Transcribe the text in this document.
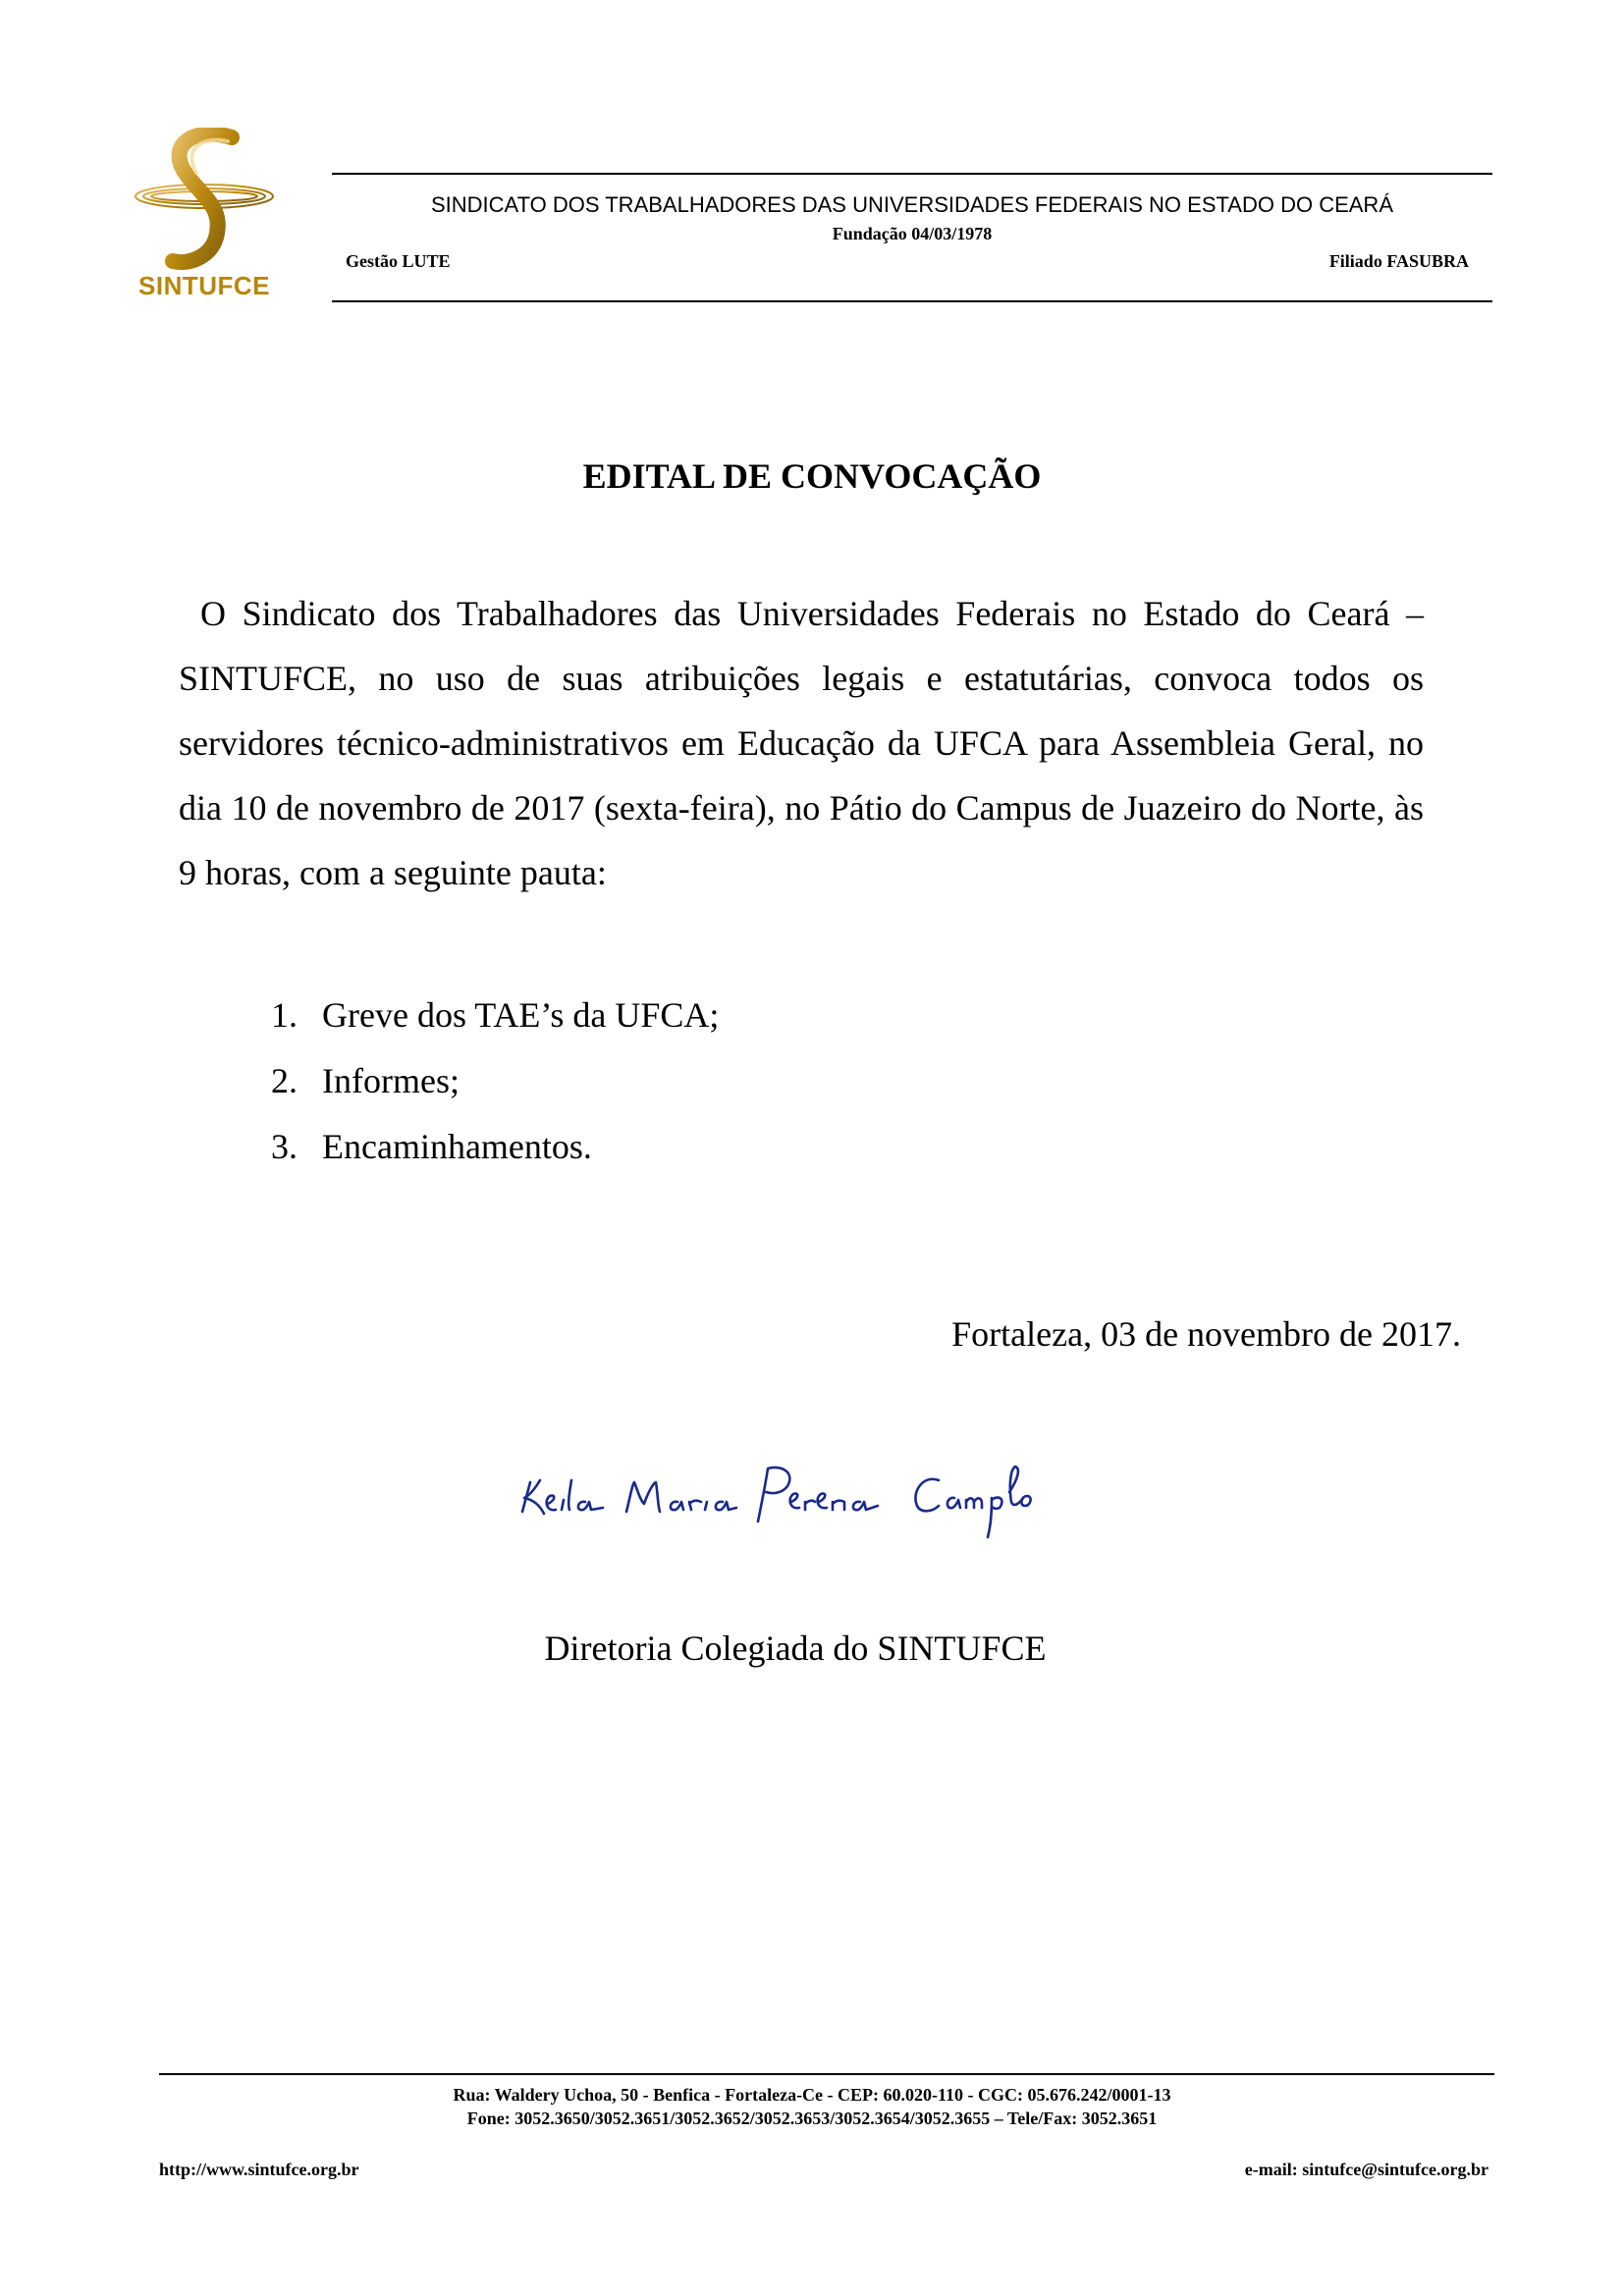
SINTUFCE
SINDICATO DOS TRABALHADORES DAS UNIVERSIDADES FEDERAIS NO ESTADO DO CEARÁ
Fundação 04/03/1978
Gestão LUTE	Filiado FASUBRA
EDITAL DE CONVOCAÇÃO

O Sindicato dos Trabalhadores das Universidades Federais no Estado do Ceará – SINTUFCE, no uso de suas atribuições legais e estatutárias, convoca todos os servidores técnico-administrativos em Educação da UFCA para Assembleia Geral, no dia 10 de novembro de 2017 (sexta-feira), no Pátio do Campus de Juazeiro do Norte, às 9 horas, com a seguinte pauta:

1. Greve dos TAE’s da UFCA;
2. Informes;
3. Encaminhamentos.
Fortaleza, 03 de novembro de 2017.
Diretoria Colegiada do SINTUFCE
Rua: Waldery Uchoa, 50 - Benfica - Fortaleza-Ce - CEP: 60.020-110 - CGC: 05.676.242/0001-13
Fone: 3052.3650/3052.3651/3052.3652/3052.3653/3052.3654/3052.3655 – Tele/Fax: 3052.3651
http://www.sintufce.org.br	e-mail: sintufce@sintufce.org.br
